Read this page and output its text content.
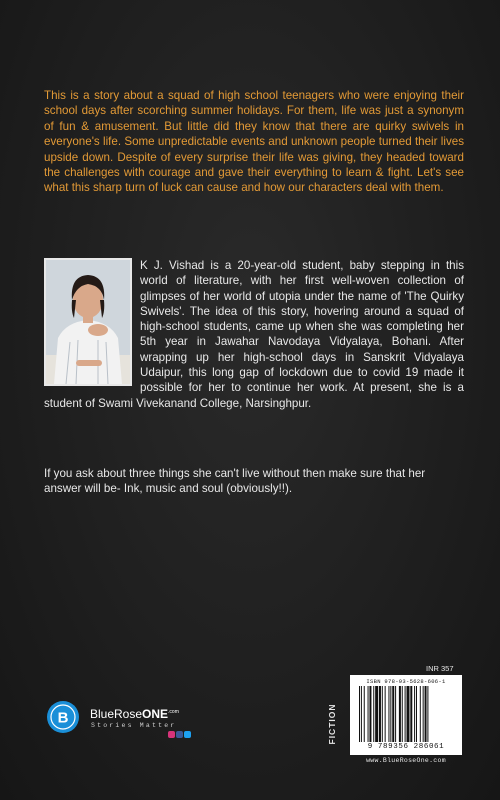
This is a story about a squad of high school teenagers who were enjoying their school days after scorching summer holidays. For them, life was just a synonym of fun & amusement. But little did they know that there are quirky swivels in everyone's life. Some unpredictable events and unknown people turned their lives upside down. Despite of every surprise their life was giving, they headed toward the challenges with courage and gave their everything to learn & fight. Let's see what this sharp turn of luck can cause and how our characters deal with them.

K J. Vishad is a 20-year-old student, baby stepping in this world of literature, with her first well-woven collection of glimpses of her world of utopia under the name of 'The Quirky Swivels'. The idea of this story, hovering around a squad of high-school students, came up when she was completing her 5th year in Jawahar Navodaya Vidyalaya, Bohani. After wrapping up her high-school days in Sanskrit Vidyalaya Udaipur, this long gap of lockdown due to covid 19 made it possible for her to continue her work. At present, she is a student of Swami Vivekanand College, Narsinghpur.

If you ask about three things she can't live without then make sure that her answer will be- Ink, music and soul (obviously!!).

INR 357
FICTION
ISBN 978-93-5628-606-1
9 789356 286061
www.BlueRoseOne.com
B BlueRoseONE$^{.com}$
Stories Matter
